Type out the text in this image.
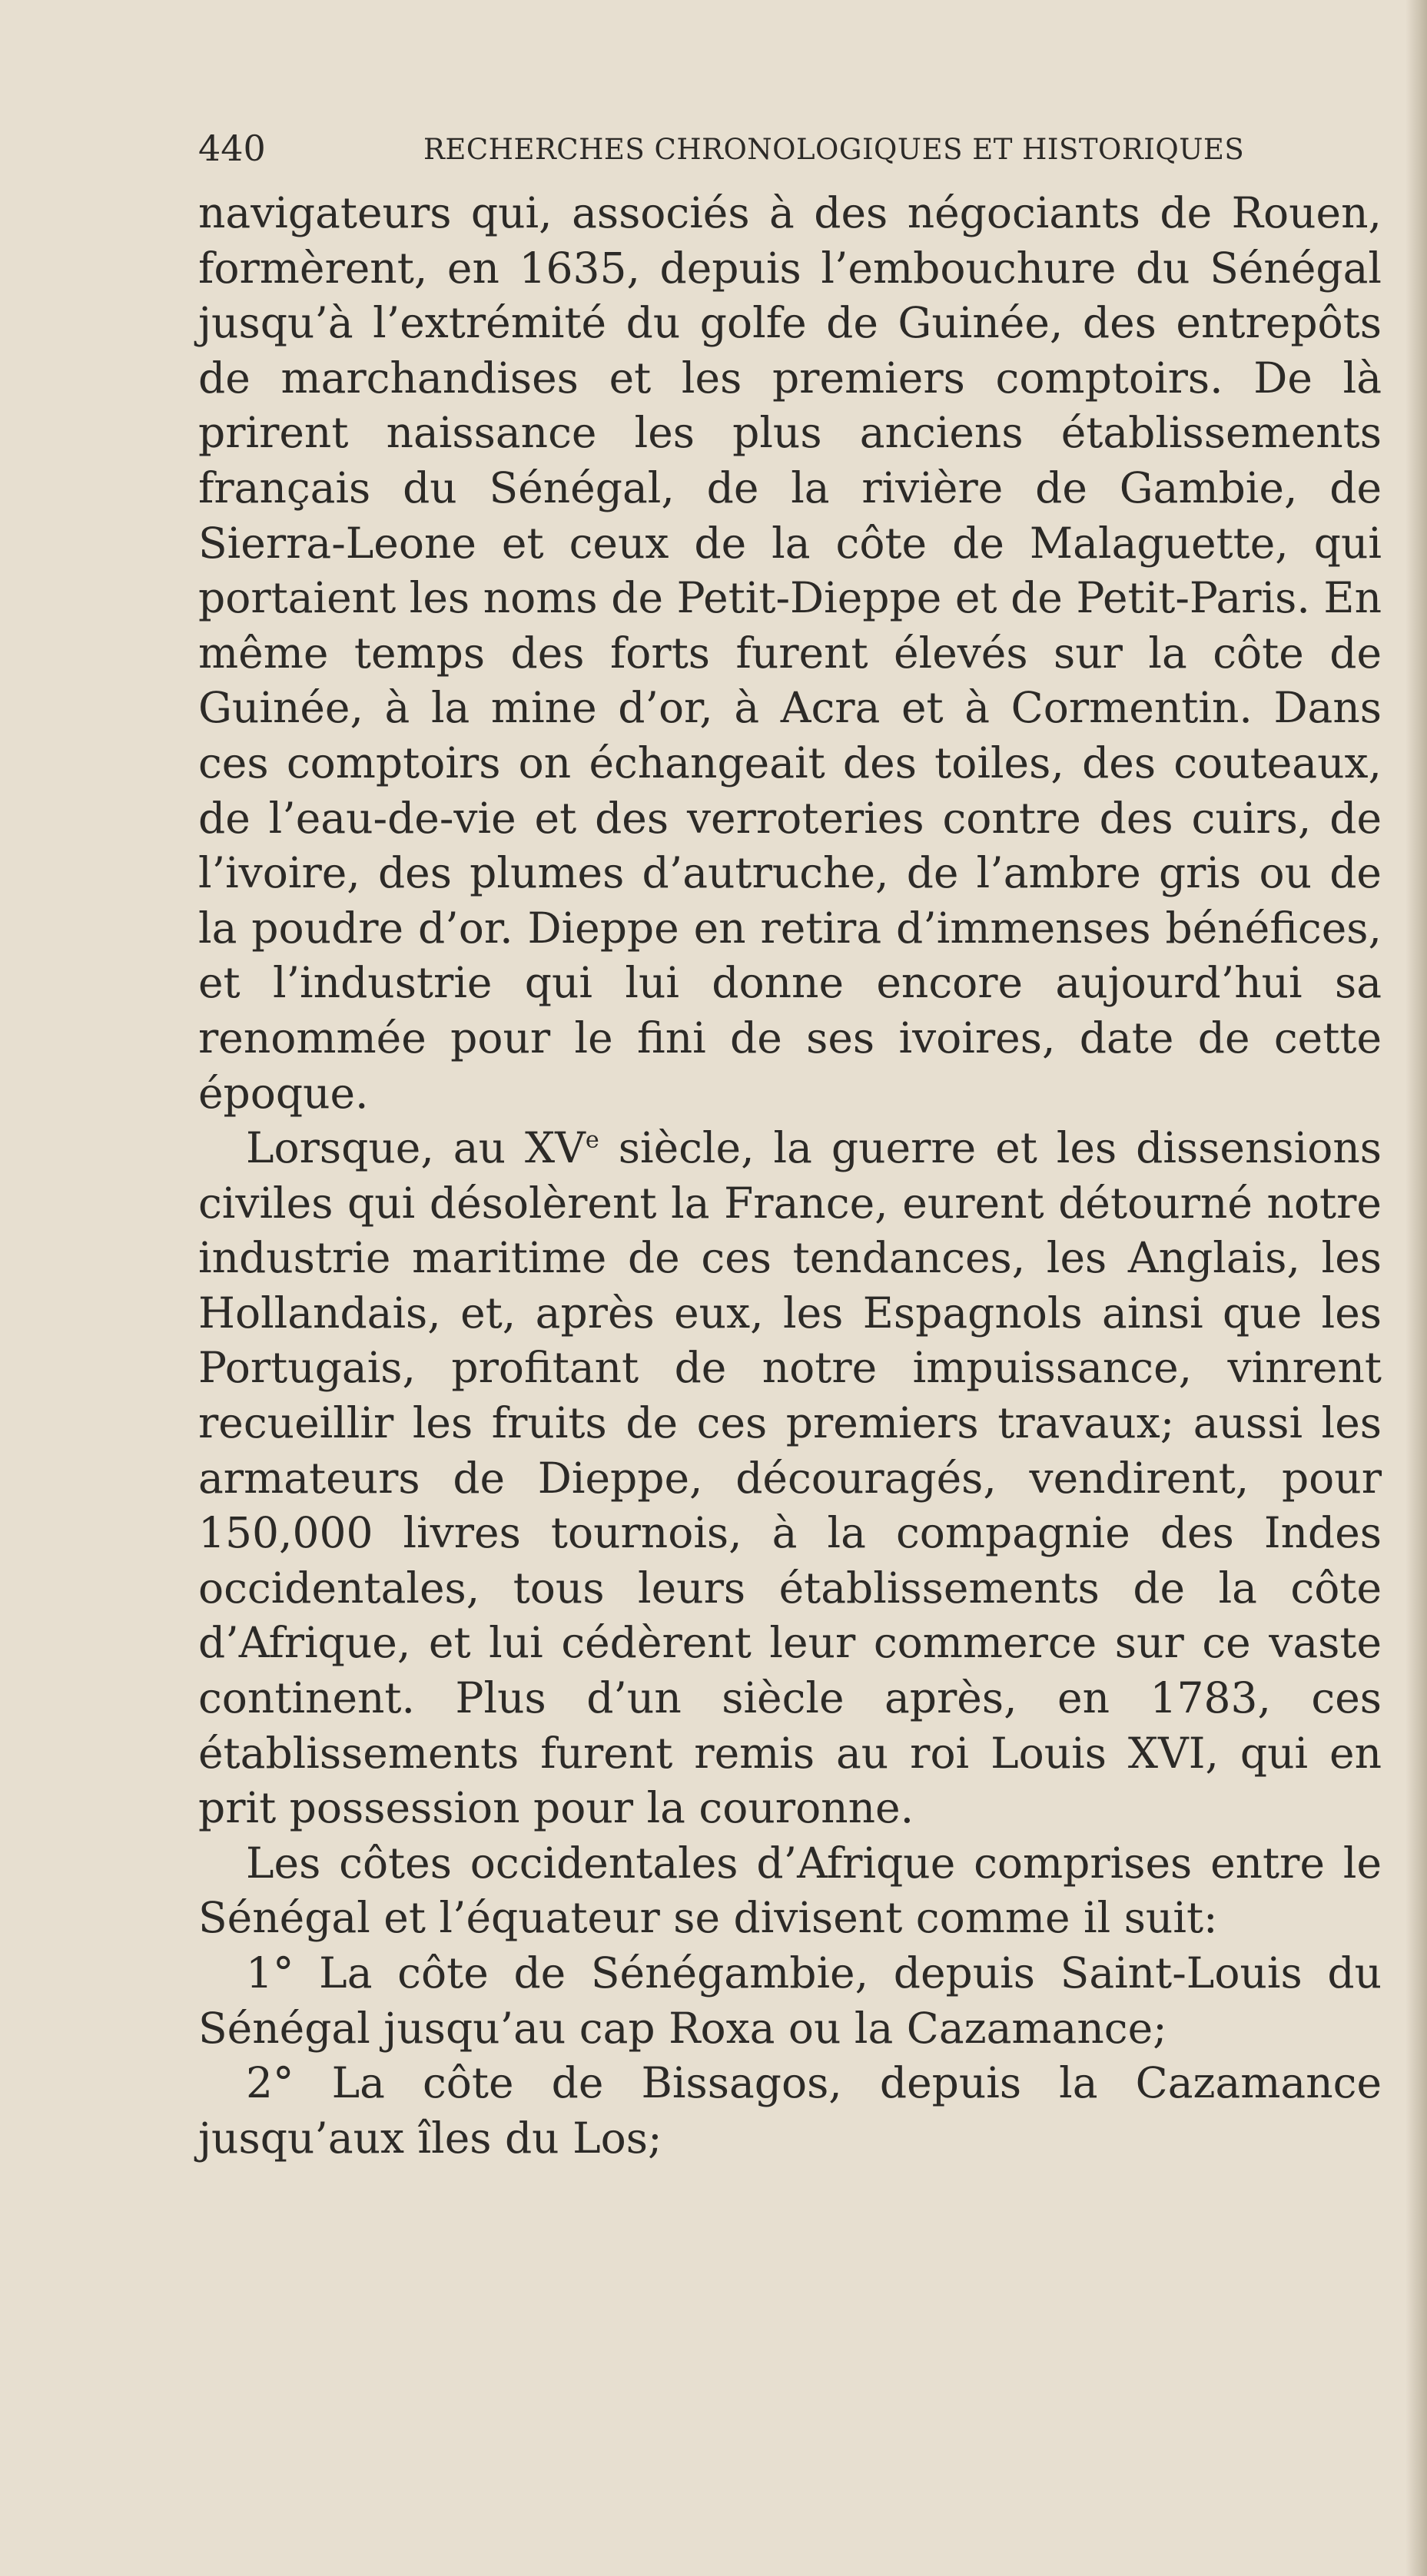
440	RECHERCHES CHRONOLOGIQUES ET HISTORIQUES

navigateurs qui, associés à des négociants de Rouen, formèrent, en 1635, depuis l’embouchure du Sénégal jusqu’à l’extrémité du golfe de Guinée, des entrepôts de marchandises et les premiers comptoirs. De là prirent naissance les plus anciens établissements français du Sénégal, de la rivière de Gambie, de Sierra-Leone et ceux de la côte de Malaguette, qui portaient les noms de Petit-Dieppe et de Petit-Paris. En même temps des forts furent élevés sur la côte de Guinée, à la mine d’or, à Acra et à Cormentin. Dans ces comptoirs on échangeait des toiles, des couteaux, de l’eau-de-vie et des verroteries contre des cuirs, de l’ivoire, des plumes d’autruche, de l’ambre gris ou de la poudre d’or. Dieppe en retira d’immenses bénéfices, et l’industrie qui lui donne encore aujourd’hui sa renommée pour le fini de ses ivoires, date de cette époque.

Lorsque, au XVe siècle, la guerre et les dissensions civiles qui désolèrent la France, eurent détourné notre industrie maritime de ces tendances, les Anglais, les Hollandais, et, après eux, les Espagnols ainsi que les Portugais, profitant de notre impuissance, vinrent recueillir les fruits de ces premiers travaux; aussi les armateurs de Dieppe, découragés, vendirent, pour 150,000 livres tournois, à la compagnie des Indes occidentales, tous leurs établissements de la côte d’Afrique, et lui cédèrent leur commerce sur ce vaste continent. Plus d’un siècle après, en 1783, ces établissements furent remis au roi Louis XVI, qui en prit possession pour la couronne.

Les côtes occidentales d’Afrique comprises entre le Sénégal et l’équateur se divisent comme il suit:

1° La côte de Sénégambie, depuis Saint-Louis du Sénégal jusqu’au cap Roxa ou la Cazamance;

2° La côte de Bissagos, depuis la Cazamance jusqu’aux îles du Los;
